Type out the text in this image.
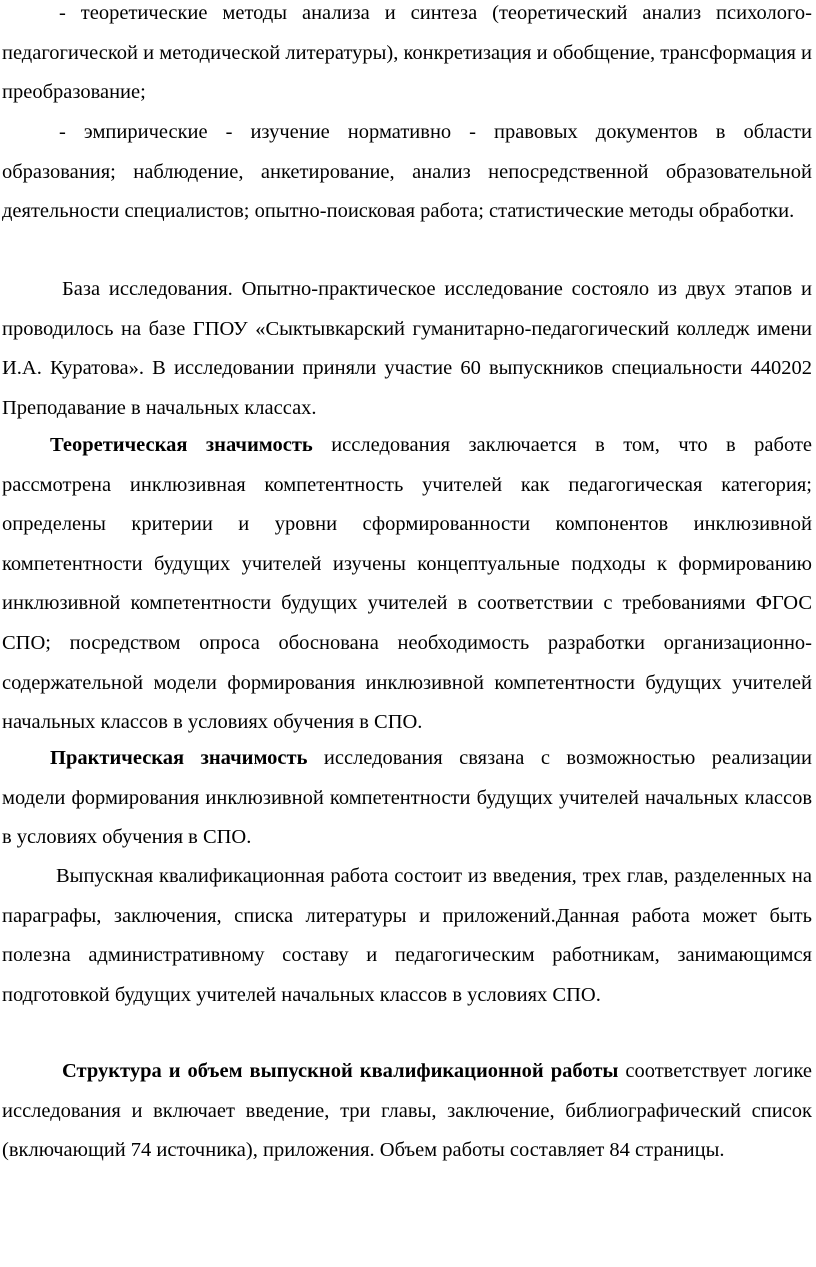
- теоретические методы анализа и синтеза (теоретический анализ психолого-педагогической и методической литературы), конкретизация и обобщение, трансформация и преобразование;

- эмпирические - изучение нормативно - правовых документов в области образования; наблюдение, анкетирование, анализ непосредственной образовательной деятельности специалистов; опытно-поисковая работа; статистические методы обработки.

База исследования. Опытно-практическое исследование состояло из двух этапов и проводилось на базе ГПОУ «Сыктывкарский гуманитарно-педагогический колледж имени И.А. Куратова». В исследовании приняли участие 60 выпускников специальности 440202 Преподавание в начальных классах.

Теоретическая значимость исследования заключается в том, что в работе рассмотрена инклюзивная компетентность учителей как педагогическая категория; определены критерии и уровни сформированности компонентов инклюзивной компетентности будущих учителей изучены концептуальные подходы к формированию инклюзивной компетентности будущих учителей в соответствии с требованиями ФГОС СПО; посредством опроса обоснована необходимость разработки организационно-содержательной модели формирования инклюзивной компетентности будущих учителей начальных классов в условиях обучения в СПО.

Практическая значимость исследования связана с возможностью реализации модели формирования инклюзивной компетентности будущих учителей начальных классов в условиях обучения в СПО.

Выпускная квалификационная работа состоит из введения, трех глав, разделенных на параграфы, заключения, списка литературы и приложений.Данная работа может быть полезна административному составу и педагогическим работникам, занимающимся подготовкой будущих учителей начальных классов в условиях СПО.

Структура и объем выпускной квалификационной работы соответствует логике исследования и включает введение, три главы, заключение, библиографический список (включающий 74 источника), приложения. Объем работы составляет 84 страницы.
